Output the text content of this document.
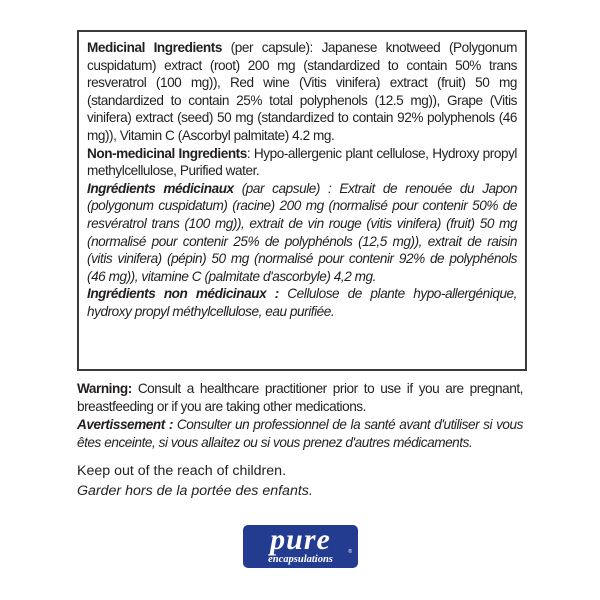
Medicinal Ingredients (per capsule): Japanese knotweed (Polygonum cuspidatum) extract (root) 200 mg (standardized to contain 50% trans resveratrol (100 mg)), Red wine (Vitis vinifera) extract (fruit) 50 mg (standardized to contain 25% total polyphenols (12.5 mg)), Grape (Vitis vinifera) extract (seed) 50 mg (standardized to contain 92% polyphenols (46 mg)), Vitamin C (Ascorbyl palmitate) 4.2 mg.

Non-medicinal Ingredients: Hypo-allergenic plant cellulose, Hydroxy propyl methylcellulose, Purified water.

Ingrédients médicinaux (par capsule) : Extrait de renouée du Japon (polygonum cuspidatum) (racine) 200 mg (normalisé pour contenir 50% de resvératrol trans (100 mg)), extrait de vin rouge (vitis vinifera) (fruit) 50 mg (normalisé pour contenir 25% de polyphénols (12,5 mg)), extrait de raisin (vitis vinifera) (pépin) 50 mg (normalisé pour contenir 92% de polyphénols (46 mg)), vitamine C (palmitate d'ascorbyle) 4,2 mg.

Ingrédients non médicinaux : Cellulose de plante hypo-allergénique, hydroxy propyl méthylcellulose, eau purifiée.

Warning: Consult a healthcare practitioner prior to use if you are pregnant, breastfeeding or if you are taking other medications.

Avertissement : Consulter un professionnel de la santé avant d'utiliser si vous êtes enceinte, si vous allaitez ou si vous prenez d'autres médicaments.

Keep out of the reach of children.

Garder hors de la portée des enfants.

pure
encapsulations
®
